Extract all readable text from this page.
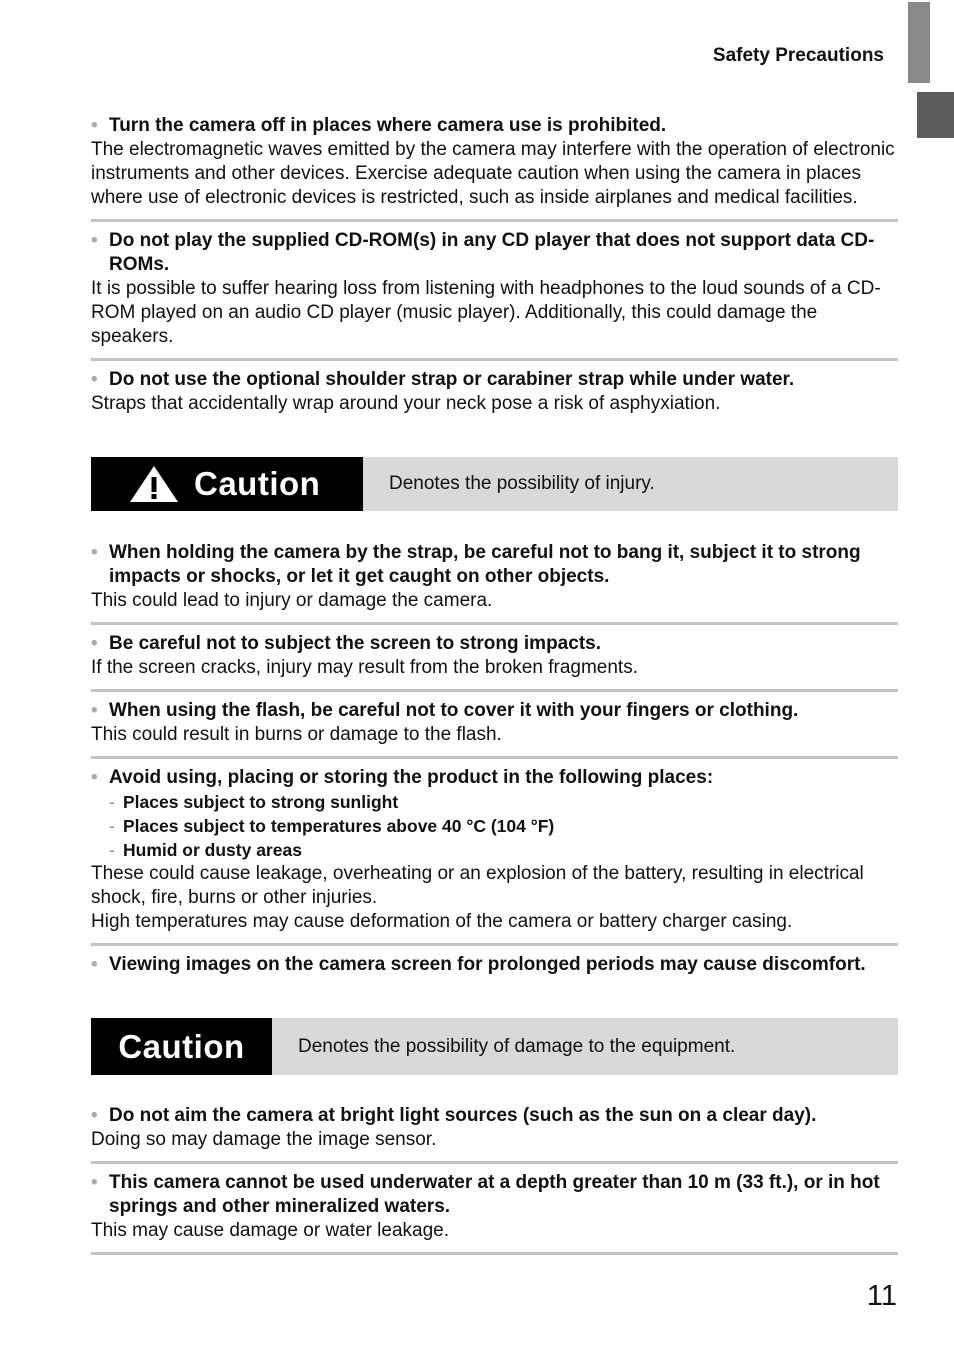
Safety Precautions
• Turn the camera off in places where camera use is prohibited.
The electromagnetic waves emitted by the camera may interfere with the operation of electronic instruments and other devices. Exercise adequate caution when using the camera in places where use of electronic devices is restricted, such as inside airplanes and medical facilities.
• Do not play the supplied CD-ROM(s) in any CD player that does not support data CD-ROMs.
It is possible to suffer hearing loss from listening with headphones to the loud sounds of a CD-ROM played on an audio CD player (music player). Additionally, this could damage the speakers.
• Do not use the optional shoulder strap or carabiner strap while under water.
Straps that accidentally wrap around your neck pose a risk of asphyxiation.
Caution	Denotes the possibility of injury.
• When holding the camera by the strap, be careful not to bang it, subject it to strong impacts or shocks, or let it get caught on other objects.
This could lead to injury or damage the camera.
• Be careful not to subject the screen to strong impacts.
If the screen cracks, injury may result from the broken fragments.
• When using the flash, be careful not to cover it with your fingers or clothing.
This could result in burns or damage to the flash.
• Avoid using, placing or storing the product in the following places:
- Places subject to strong sunlight
- Places subject to temperatures above 40 °C (104 °F)
- Humid or dusty areas
These could cause leakage, overheating or an explosion of the battery, resulting in electrical shock, fire, burns or other injuries.
High temperatures may cause deformation of the camera or battery charger casing.
• Viewing images on the camera screen for prolonged periods may cause discomfort.
Caution	Denotes the possibility of damage to the equipment.
• Do not aim the camera at bright light sources (such as the sun on a clear day).
Doing so may damage the image sensor.
• This camera cannot be used underwater at a depth greater than 10 m (33 ft.), or in hot springs and other mineralized waters.
This may cause damage or water leakage.
11
